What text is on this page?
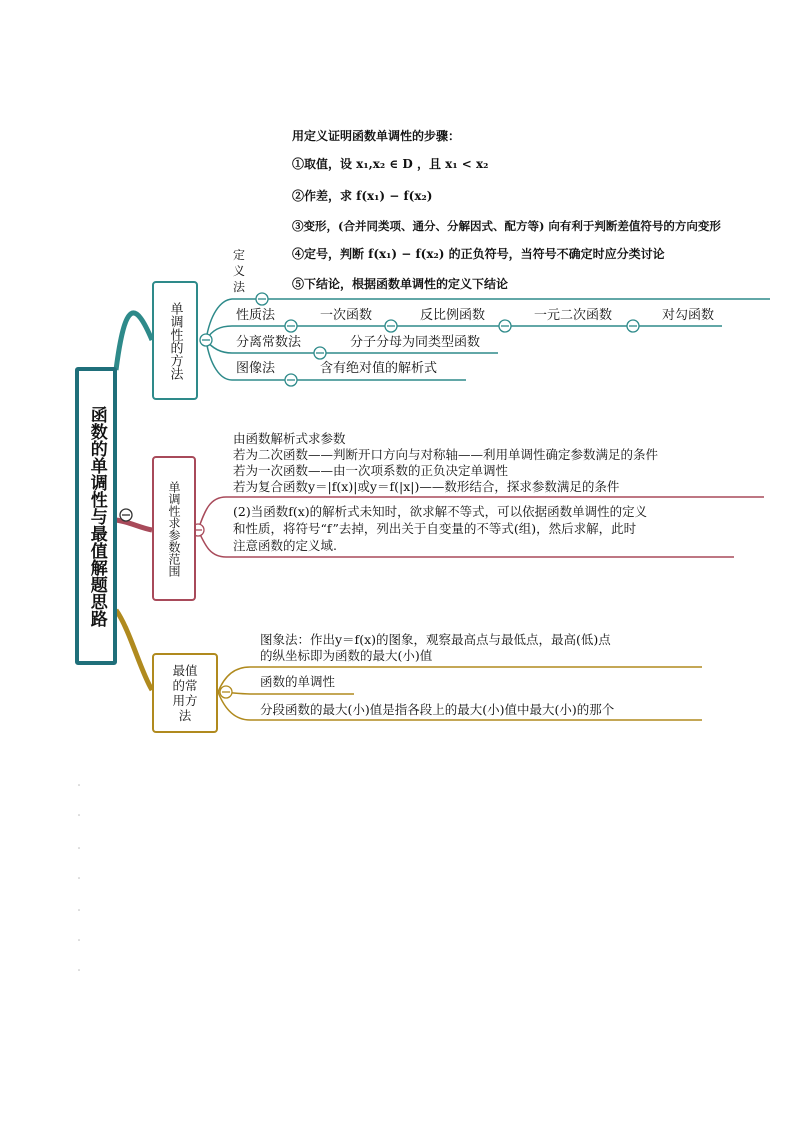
函数的单调性与最值解题思路
单调性的方法
定义法
用定义证明函数单调性的步骤：
①取值，设 x₁,x₂ ∈ D ，且 x₁ < x₂
②作差，求 f(x₁) − f(x₂)
③变形，(合并同类项、通分、分解因式、配方等) 向有利于判断差值符号的方向变形
④定号，判断 f(x₁) − f(x₂) 的正负符号，当符号不确定时应分类讨论
⑤下结论，根据函数单调性的定义下结论
性质法	一次函数	反比例函数	一元二次函数	对勾函数
分离常数法	分子分母为同类型函数
图像法	含有绝对值的解析式
单调性求参数范围
由函数解析式求参数
若为二次函数——判断开口方向与对称轴——利用单调性确定参数满足的条件
若为一次函数——由一次项系数的正负决定单调性
若为复合函数y＝|f(x)|或y＝f(|x|)——数形结合，探求参数满足的条件
(2)当函数f(x)的解析式未知时，欲求解不等式，可以依据函数单调性的定义
和性质，将符号“f”去掉，列出关于自变量的不等式(组)，然后求解，此时
注意函数的定义域.
最值的常用方法
图象法：作出y＝f(x)的图象，观察最高点与最低点，最高(低)点
的纵坐标即为函数的最大(小)值
函数的单调性
分段函数的最大(小)值是指各段上的最大(小)值中最大(小)的那个
